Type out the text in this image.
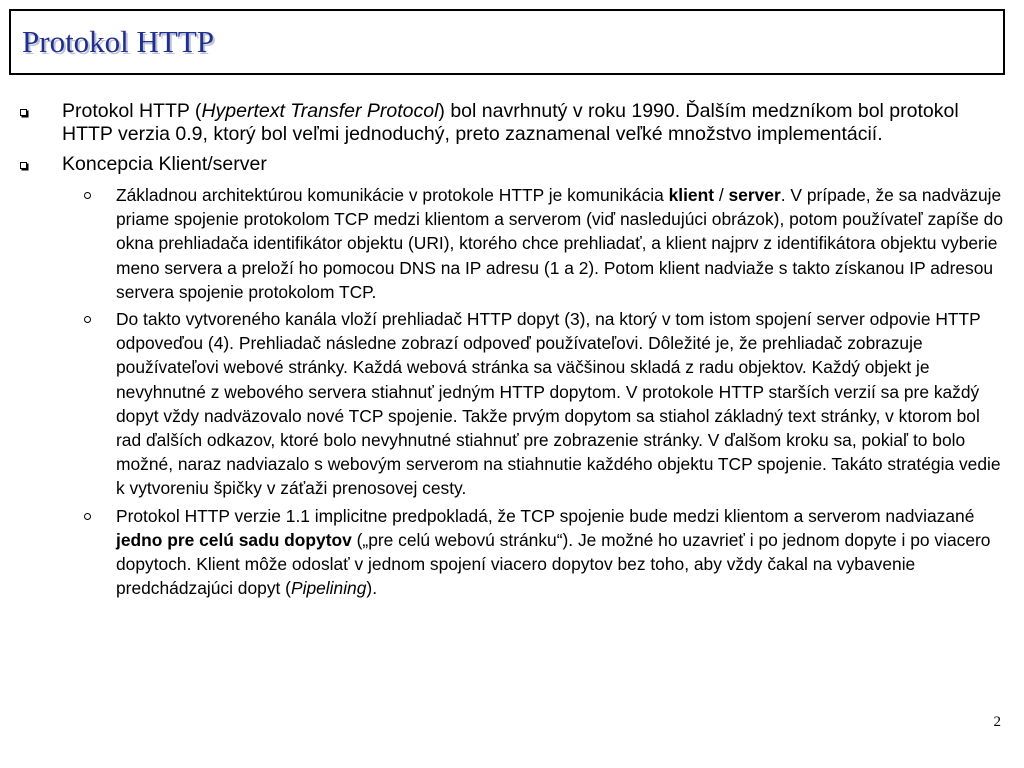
Protokol HTTP
Protokol HTTP (Hypertext Transfer Protocol) bol navrhnutý v roku 1990. Ďalším medzníkom bol protokol HTTP verzia 0.9, ktorý bol veľmi jednoduchý, preto zaznamenal veľké množstvo implementácií.
Koncepcia Klient/server
Základnou architektúrou komunikácie v protokole HTTP je komunikácia klient / server. V prípade, že sa nadväzuje priame spojenie protokolom TCP medzi klientom a serverom (viď nasledujúci obrázok), potom používateľ zapíše do okna prehliadača identifikátor objektu (URI), ktorého chce prehliadať, a klient najprv z identifikátora objektu vyberie meno servera a preloží ho pomocou DNS na IP adresu (1 a 2). Potom klient nadviaže s takto získanou IP adresou servera spojenie protokolom TCP.
Do takto vytvoreného kanála vloží prehliadač HTTP dopyt (3), na ktorý v tom istom spojení server odpovie HTTP odpoveďou (4). Prehliadač následne zobrazí odpoveď používateľovi. Dôležité je, že prehliadač zobrazuje používateľovi webové stránky. Každá webová stránka sa väčšinou skladá z radu objektov. Každý objekt je nevyhnutné z webového servera stiahnuť jedným HTTP dopytom. V protokole HTTP starších verzií sa pre každý dopyt vždy nadväzovalo nové TCP spojenie. Takže prvým dopytom sa stiahol základný text stránky, v ktorom bol rad ďalších odkazov, ktoré bolo nevyhnutné stiahnuť pre zobrazenie stránky. V ďalšom kroku sa, pokiaľ to bolo možné, naraz nadviazalo s webovým serverom na stiahnutie každého objektu TCP spojenie. Takáto stratégia vedie k vytvoreniu špičky v záťaži prenosovej cesty.
Protokol HTTP verzie 1.1 implicitne predpokladá, že TCP spojenie bude medzi klientom a serverom nadviazané jedno pre celú sadu dopytov („pre celú webovú stránku“). Je možné ho uzavrieť i po jednom dopyte i po viacero dopytoch. Klient môže odoslať v jednom spojení viacero dopytov bez toho, aby vždy čakal na vybavenie predchádzajúci dopyt (Pipelining).
2
